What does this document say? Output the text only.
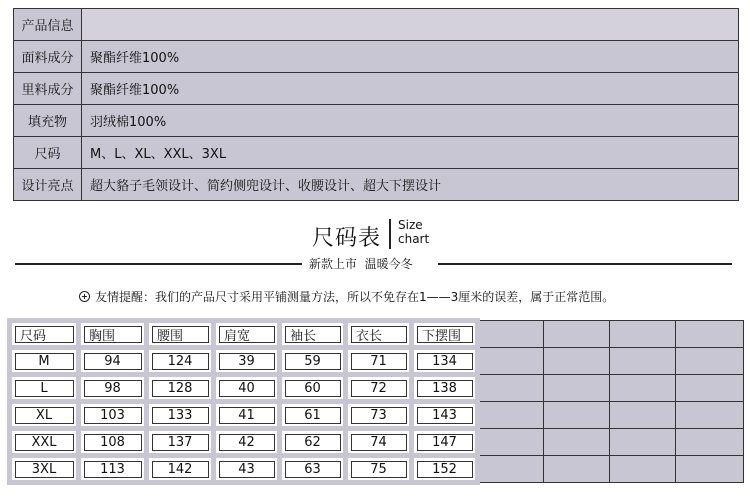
产品信息	
面料成分	聚酯纤维100%
里料成分	聚酯纤维100%
填充物	羽绒棉100%
尺码	M、L、XL、XXL、3XL
设计亮点	超大貉子毛领设计、简约侧兜设计、收腰设计、超大下摆设计
尺码表
Size
chart
新款上市  温暖今冬
友情提醒：我们的产品尺寸采用平铺测量方法，所以不免存在1——3厘米的误差，属于正常范围。
尺码	胸围	腰围	肩宽	袖长	衣长	下摆围				
M	94	124	39	59	71	134				
L	98	128	40	60	72	138				
XL	103	133	41	61	73	143				
XXL	108	137	42	62	74	147				
3XL	113	142	43	63	75	152				
